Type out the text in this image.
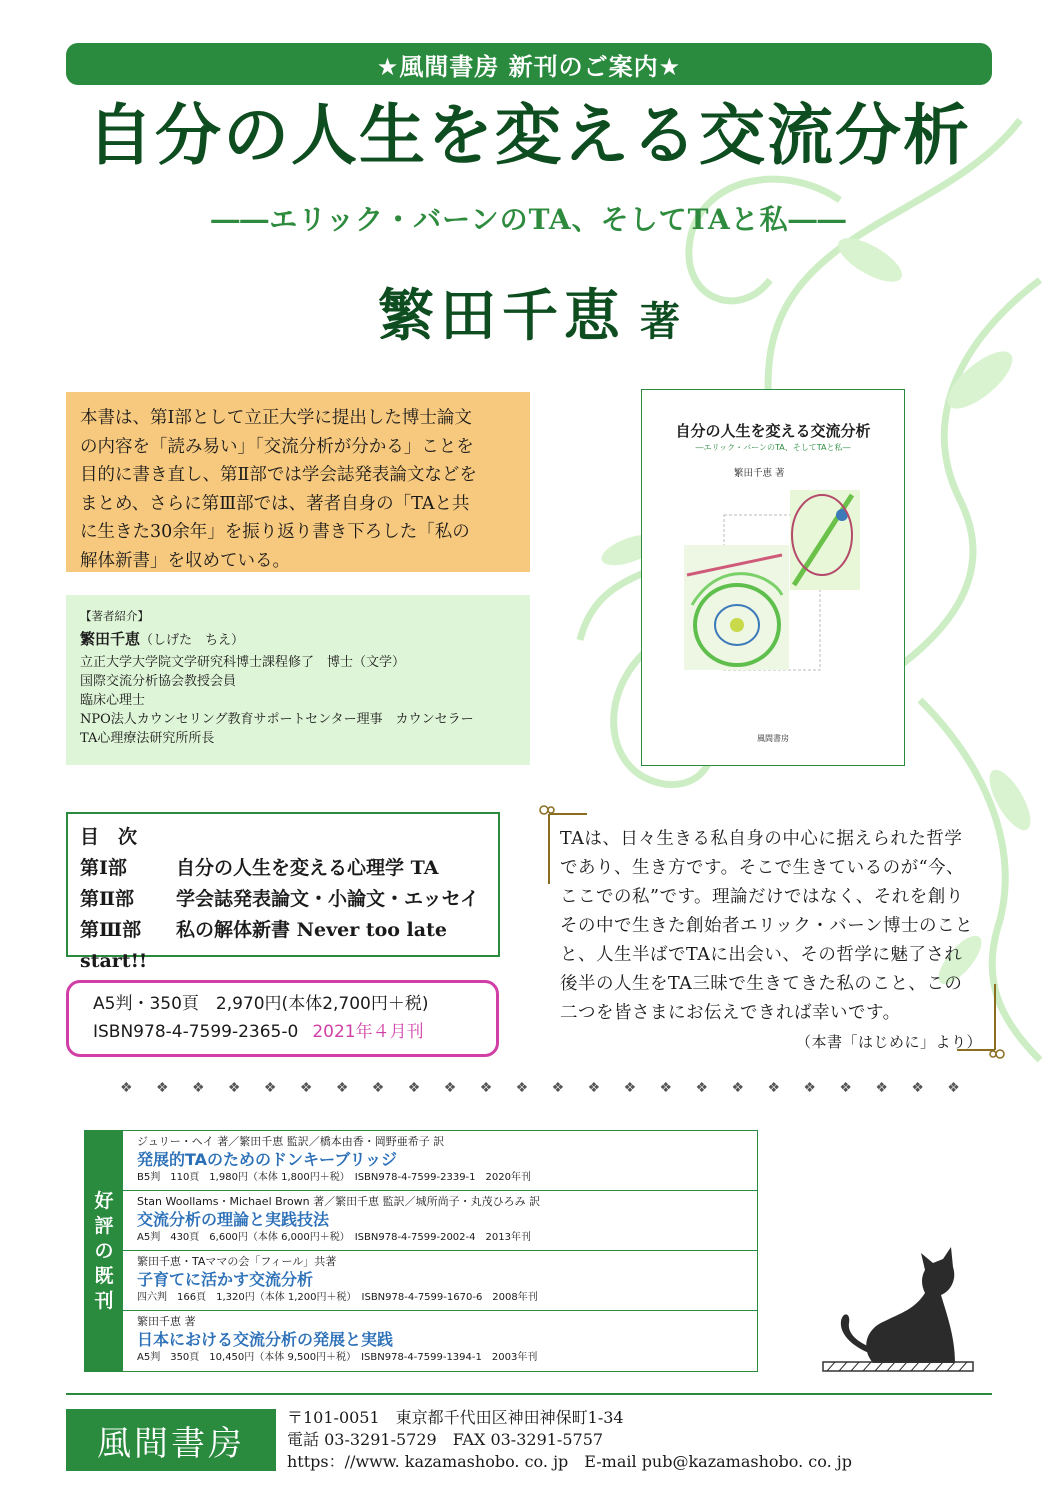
★風間書房 新刊のご案内★
自分の人生を変える交流分析
――エリック・バーンのTA、そしてTAと私――
繁田千恵 著
本書は、第Ⅰ部として立正大学に提出した博士論文
の内容を「読み易い」「交流分析が分かる」ことを
目的に書き直し、第Ⅱ部では学会誌発表論文などを
まとめ、さらに第Ⅲ部では、著者自身の「TAと共
に生きた30余年」を振り返り書き下ろした「私の
解体新書」を収めている。
【著者紹介】
繁田千恵（しげた　ちえ）
立正大学大学院文学研究科博士課程修了　博士（文学）
国際交流分析協会教授会員
臨床心理士
NPO法人カウンセリング教育サポートセンター理事　カウンセラー
TA心理療法研究所所長
自分の人生を変える交流分析
―エリック・バーンのTA、そしてTAと私―
繁田千恵 著
風間書房
目　次
第Ⅰ部	自分の人生を変える心理学 TA
第Ⅱ部 学会誌発表論文・小論文・エッセイ
第Ⅲ部 私の解体新書 Never too late start!!
A5判・350頁　2,970円(本体2,700円＋税)
ISBN978-4-7599-2365-0 2021年４月刊
TAは、日々生きる私自身の中心に据えられた哲学
であり、生き方です。そこで生きているのが“今、
ここでの私”です。理論だけではなく、それを創り
その中で生きた創始者エリック・バーン博士のこと
と、人生半ばでTAに出会い、その哲学に魅了され
後半の人生をTA三昧で生きてきた私のこと、この
二つを皆さまにお伝えできれば幸いです。
（本書「はじめに」より）
❖ ❖ ❖ ❖ ❖ ❖ ❖ ❖ ❖ ❖ ❖ ❖ ❖ ❖ ❖ ❖ ❖ ❖ ❖ ❖ ❖ ❖ ❖ ❖
好
評
の
既
刊
ジュリー・ヘイ 著／繁田千恵 監訳／橋本由香・岡野亜希子 訳
発展的TAのためのドンキーブリッジ
B5判　110頁　1,980円（本体 1,800円＋税）　ISBN978-4-7599-2339-1　2020年刊
Stan Woollams・Michael Brown 著／繁田千恵 監訳／城所尚子・丸茂ひろみ 訳
交流分析の理論と実践技法
A5判　430頁　6,600円（本体 6,000円＋税）　ISBN978-4-7599-2002-4　2013年刊
繁田千恵・TAママの会「フィール」共著
子育てに活かす交流分析
四六判　166頁　1,320円（本体 1,200円＋税）　ISBN978-4-7599-1670-6　2008年刊
繁田千恵 著
日本における交流分析の発展と実践
A5判　350頁　10,450円（本体 9,500円＋税）　ISBN978-4-7599-1394-1　2003年刊
風間書房
〒101-0051　東京都千代田区神田神保町1-34
電話 03-3291-5729　FAX 03-3291-5757
https：//www. kazamashobo. co. jp　E-mail pub@kazamashobo. co. jp
